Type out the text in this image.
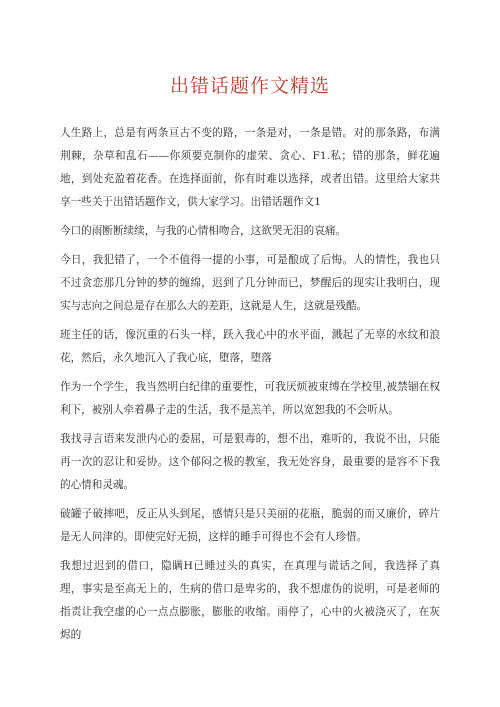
出错话题作文精选

人生路上，总是有两条亘古不变的路，一条是对，一条是错。对的那条路，布满荆棘，杂草和乱石——你须要克制你的虚荣、贪心、F1.私；错的那条，鲜花遍地，到处充盈着花香。在选择面前，你有时难以选择，或者出错。这里给大家共享一些关于出错话题作文，供大家学习。出错话题作文1

今口的雨断断续续，与我的心情相吻合，这欲哭无泪的哀痛。

今日，我犯错了，一个不值得一提的小事，可是酿成了后悔。人的情性，我也只不过贪恋那几分钟的梦的缠绵，迟到了几分钟而已，梦醒后的现实让我明白，现实与志向之间总是存在那么大的差距，这就是人生，这就是残酷。

班主任的话，像沉重的石头一样，跃入我心中的水平面，溅起了无辜的水纹和浪花，然后，永久地沉入了我心底，堕落，堕落

作为一个学生，我当然明白纪律的重要性，可我厌烦被束缚在学校里,被禁锢在权利下，被别人牵着鼻子走的生活，我不是羔羊，所以宽恕我的不会听从。

我找寻言语来发泄内心的委屈，可是狠毒的，想不出，难听的，我说不出，只能再一次的忍让和妥协。这个郁闷之极的教室，我无处容身，最重要的是容不下我的心情和灵魂。

破罐子破摔吧，反正从头到尾，感情只是只美丽的花瓶，脆弱的而又廉价，碎片是无人问津的。即使完好无损，这样的睡手可得也不会有人珍惜。

我想过迟到的借口，隐瞒H已睡过头的真实，在真理与谎话之间，我选择了真理，事实是至高无上的，生病的借口是卑劣的，我不想虚伪的说明，可是老师的指责让我空虚的心一点点膨胀，膨胀的收缩。雨停了，心中的火被浇灭了，在灰烬的
